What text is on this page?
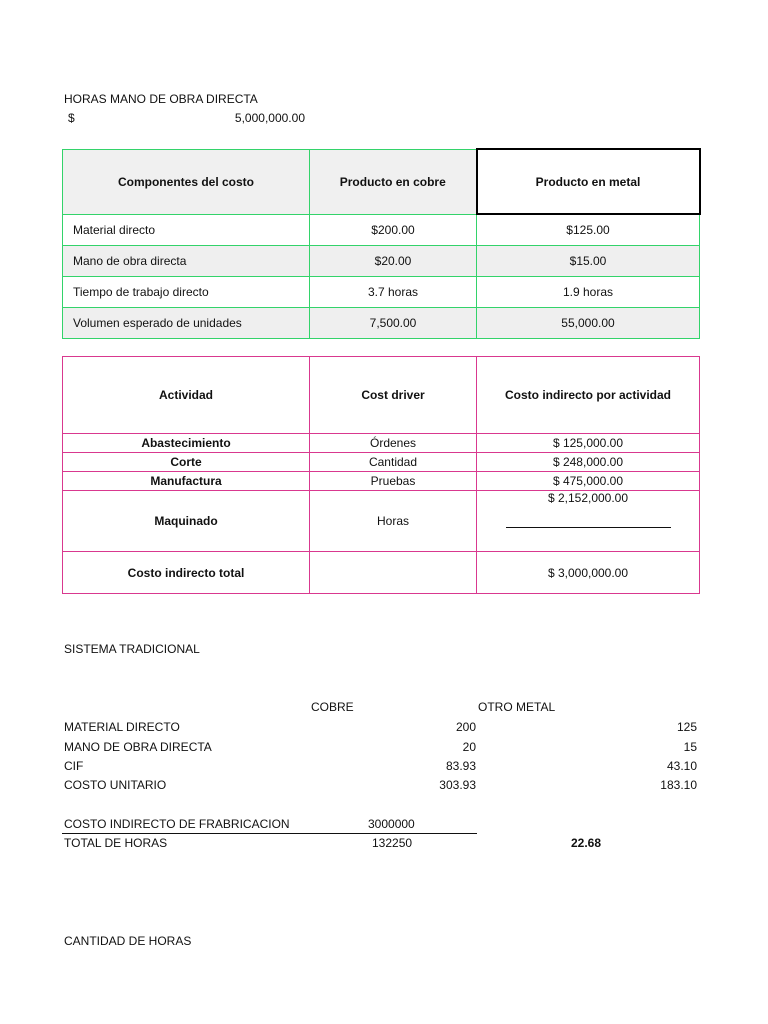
HORAS MANO DE OBRA DIRECTA
$	5,000,000.00
Componentes del costo	Producto en cobre	Producto en metal
Material directo	$200.00	$125.00
Mano de obra directa	$20.00	$15.00
Tiempo de trabajo directo	3.7 horas	1.9 horas
Volumen esperado de unidades	7,500.00	55,000.00
Actividad	Cost driver	Costo indirecto por actividad
Abastecimiento	Órdenes	$ 125,000.00
Corte	Cantidad	$ 248,000.00
Manufactura	Pruebas	$ 475,000.00
Maquinado	Horas	$ 2,152,000.00

Costo indirecto total		$ 3,000,000.00
SISTEMA TRADICIONAL
COBRE	OTRO METAL
MATERIAL DIRECTO	200	125
MANO DE OBRA DIRECTA	20	15
CIF	83.93	43.10
COSTO UNITARIO	303.93	183.10
COSTO INDIRECTO DE FRABRICACION	3000000
TOTAL DE HORAS	132250	22.68
CANTIDAD DE HORAS
